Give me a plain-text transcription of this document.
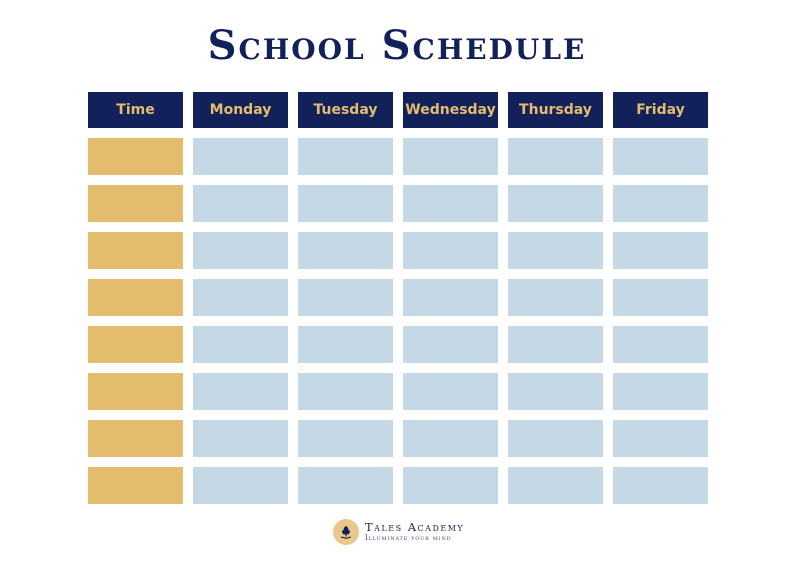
School Schedule
Time	Monday	Tuesday	Wednesday	Thursday	Friday
Tales Academy
Illuminate your mind
